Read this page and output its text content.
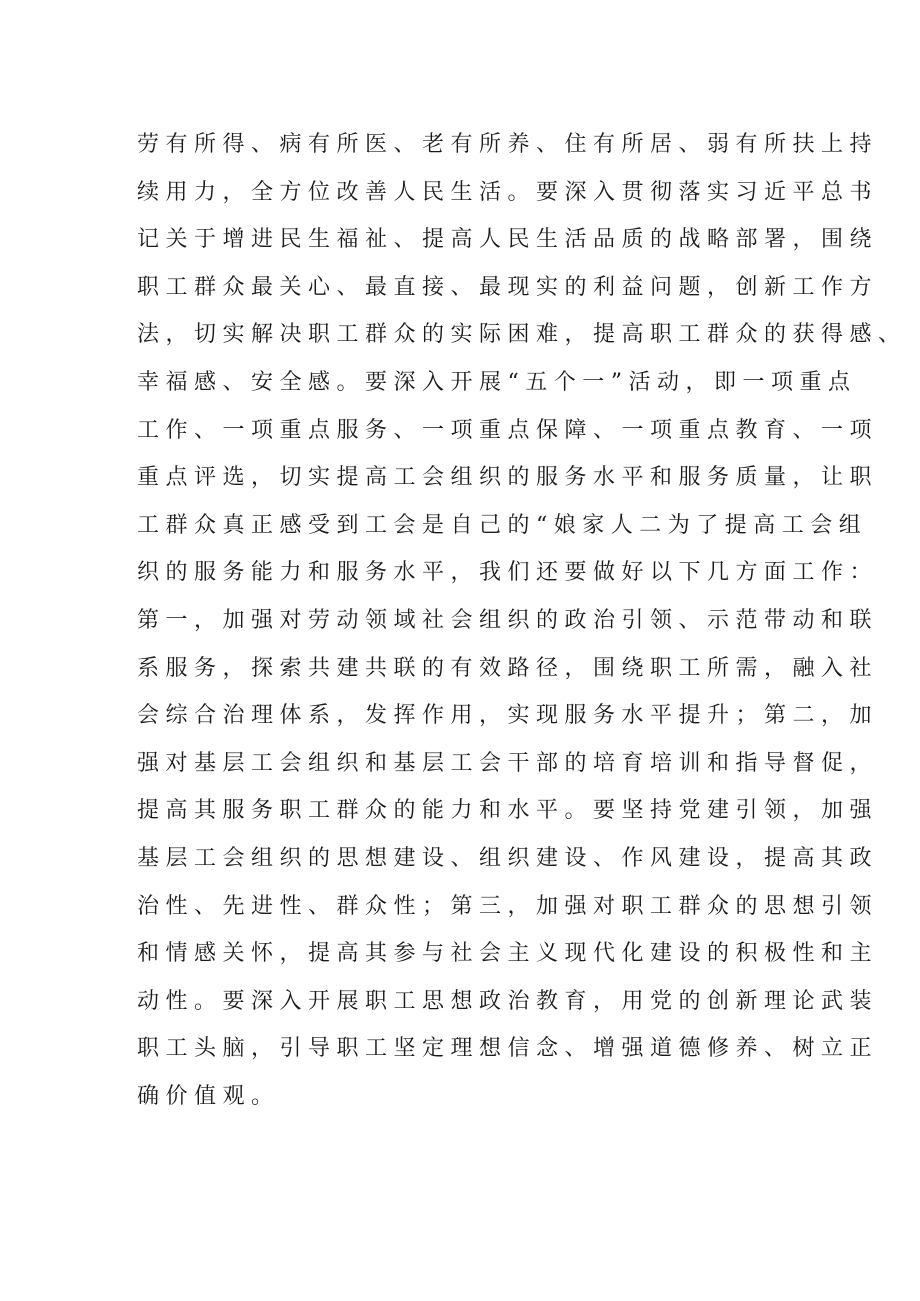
劳有所得、病有所医、老有所养、住有所居、弱有所扶上持
续用力，全方位改善人民生活。要深入贯彻落实习近平总书
记关于增进民生福祉、提高人民生活品质的战略部署，围绕
职工群众最关心、最直接、最现实的利益问题，创新工作方
法，切实解决职工群众的实际困难，提高职工群众的获得感、
幸福感、安全感。要深入开展“五个一”活动，即一项重点
工作、一项重点服务、一项重点保障、一项重点教育、一项
重点评选，切实提高工会组织的服务水平和服务质量，让职
工群众真正感受到工会是自己的“娘家人二为了提高工会组
织的服务能力和服务水平，我们还要做好以下几方面工作：
第一，加强对劳动领域社会组织的政治引领、示范带动和联
系服务，探索共建共联的有效路径，围绕职工所需，融入社
会综合治理体系，发挥作用，实现服务水平提升；第二，加
强对基层工会组织和基层工会干部的培育培训和指导督促，
提高其服务职工群众的能力和水平。要坚持党建引领，加强
基层工会组织的思想建设、组织建设、作风建设，提高其政
治性、先进性、群众性；第三，加强对职工群众的思想引领
和情感关怀，提高其参与社会主义现代化建设的积极性和主
动性。要深入开展职工思想政治教育，用党的创新理论武装
职工头脑，引导职工坚定理想信念、增强道德修养、树立正
确价值观。
